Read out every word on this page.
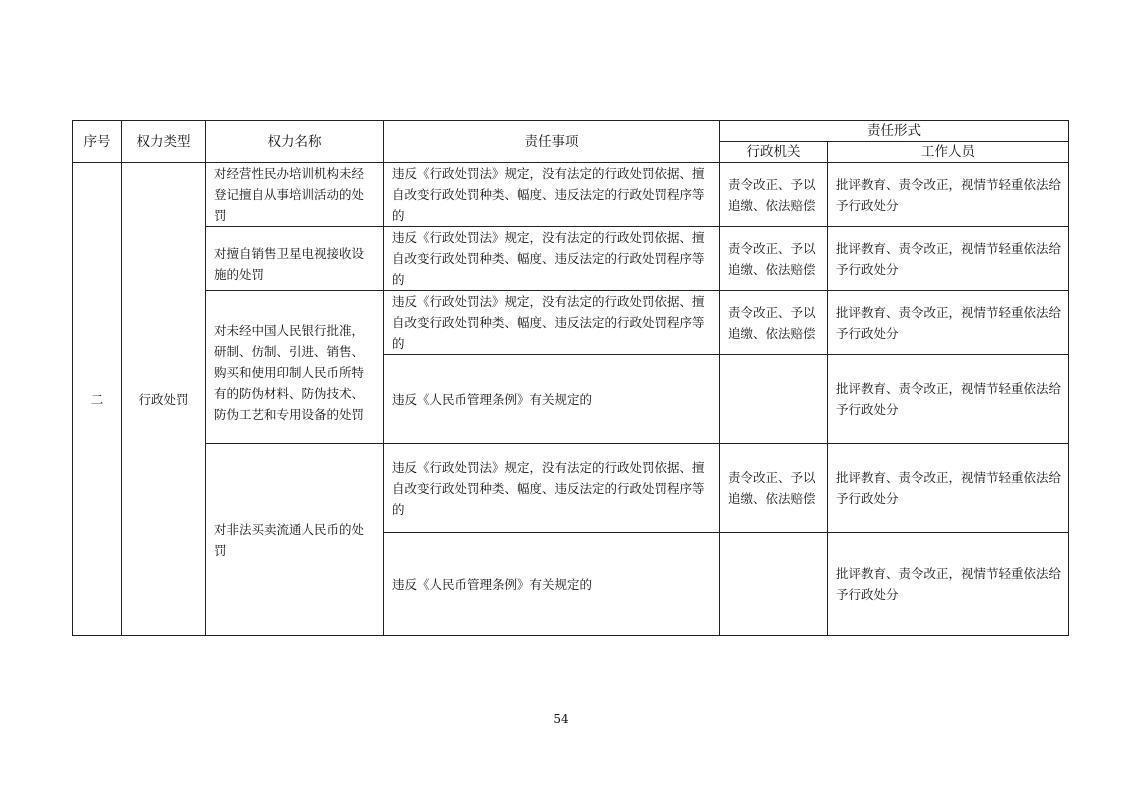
序号	权力类型	权力名称	责任事项	责任形式	
				行政机关	工作人员
二	行政处罚	对经营性民办培训机构未经登记擅自从事培训活动的处罚	违反《行政处罚法》规定，没有法定的行政处罚依据、擅自改变行政处罚种类、幅度、违反法定的行政处罚程序等的	责令改正、予以追缴、依法赔偿	批评教育、责令改正，视情节轻重依法给予行政处分

		对擅自销售卫星电视接收设施的处罚	违反《行政处罚法》规定，没有法定的行政处罚依据、擅自改变行政处罚种类、幅度、违反法定的行政处罚程序等的	责令改正、予以追缴、依法赔偿	批评教育、责令改正，视情节轻重依法给予行政处分

		对未经中国人民银行批准，研制、仿制、引进、销售、购买和使用印制人民币所特有的防伪材料、防伪技术、防伪工艺和专用设备的处罚	违反《行政处罚法》规定，没有法定的行政处罚依据、擅自改变行政处罚种类、幅度、违反法定的行政处罚程序等的	责令改正、予以追缴、依法赔偿	批评教育、责令改正，视情节轻重依法给予行政处分

			违反《人民币管理条例》有关规定的		批评教育、责令改正，视情节轻重依法给予行政处分

		对非法买卖流通人民币的处罚	违反《行政处罚法》规定，没有法定的行政处罚依据、擅自改变行政处罚种类、幅度、违反法定的行政处罚程序等的	责令改正、予以追缴、依法赔偿	批评教育、责令改正，视情节轻重依法给予行政处分

			违反《人民币管理条例》有关规定的		批评教育、责令改正，视情节轻重依法给予行政处分
54
